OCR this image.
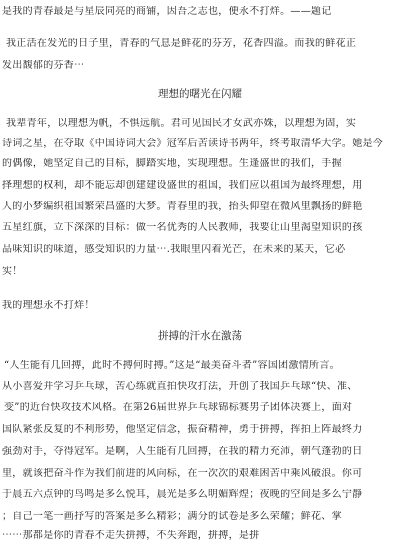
是我的青春最是与星辰同亮的商铺，因吾之志也，便永不打烊。——题记
我正活在发光的日子里，青春的气息是鲜花的芬芳，花香四溢。而我的鲜花正
发出馥郁的芬香⋯
理想的曙光在闪耀
我辈青年，以理想为帆，不惧远航。君可见国民才女武亦姝，以理想为固，实
诗词之星，在夺取《中国诗词大会》冠军后苦读诗书两年，终考取清华大学。她是今
的偶像，她坚定自己的目标，脚踏实地，实现理想。生逢盛世的我们，手握
择理想的权利，却不能忘却创建建设盛世的祖国，我们应以祖国为最终理想，用
人的小梦编织祖国繁荣昌盛的大梦。青春里的我，抬头仰望在微风里飘扬的鲜艳
五星红旗，立下深深的目标：做一名优秀的人民教师，我要让山里渴望知识的孩
品味知识的味道，感受知识的力量⋯.我眼里闪着光芒，在未来的某天，它必
实！
我的理想永不打烊！
拼搏的汗水在激荡
“人生能有几回搏，此时不搏何时搏。”这是“最美奋斗者”容国团激情所言。
从小喜爱并学习乒乓球，苦心练就直拍快攻打法，开创了我国乒乓球“快、准、
变”的近台快攻技术风格。在第26届世界乒乓球锦标赛男子团体决赛上，面对
国队紧张反复的不利形势，他坚定信念，振奋精神，勇于拼搏，挥拍上阵最终力
强劲对手，夺得冠军。是啊，人生能有几回搏，在我的精力充沛，朝气蓬勃的日
里，就该把奋斗作为我们前进的风向标，在一次次的艰难困苦中乘风破浪。你可
于晨五六点钟的鸟鸣是多么悦耳，晨光是多么明媚辉煌；夜晚的空间是多么宁静
；自己一笔一画抒写的答案是多么精彩；满分的试卷是多么荣耀；鲜花、掌
⋯⋯那都是你的青春不走失拼搏，不失奔跑，拼搏，是拼
